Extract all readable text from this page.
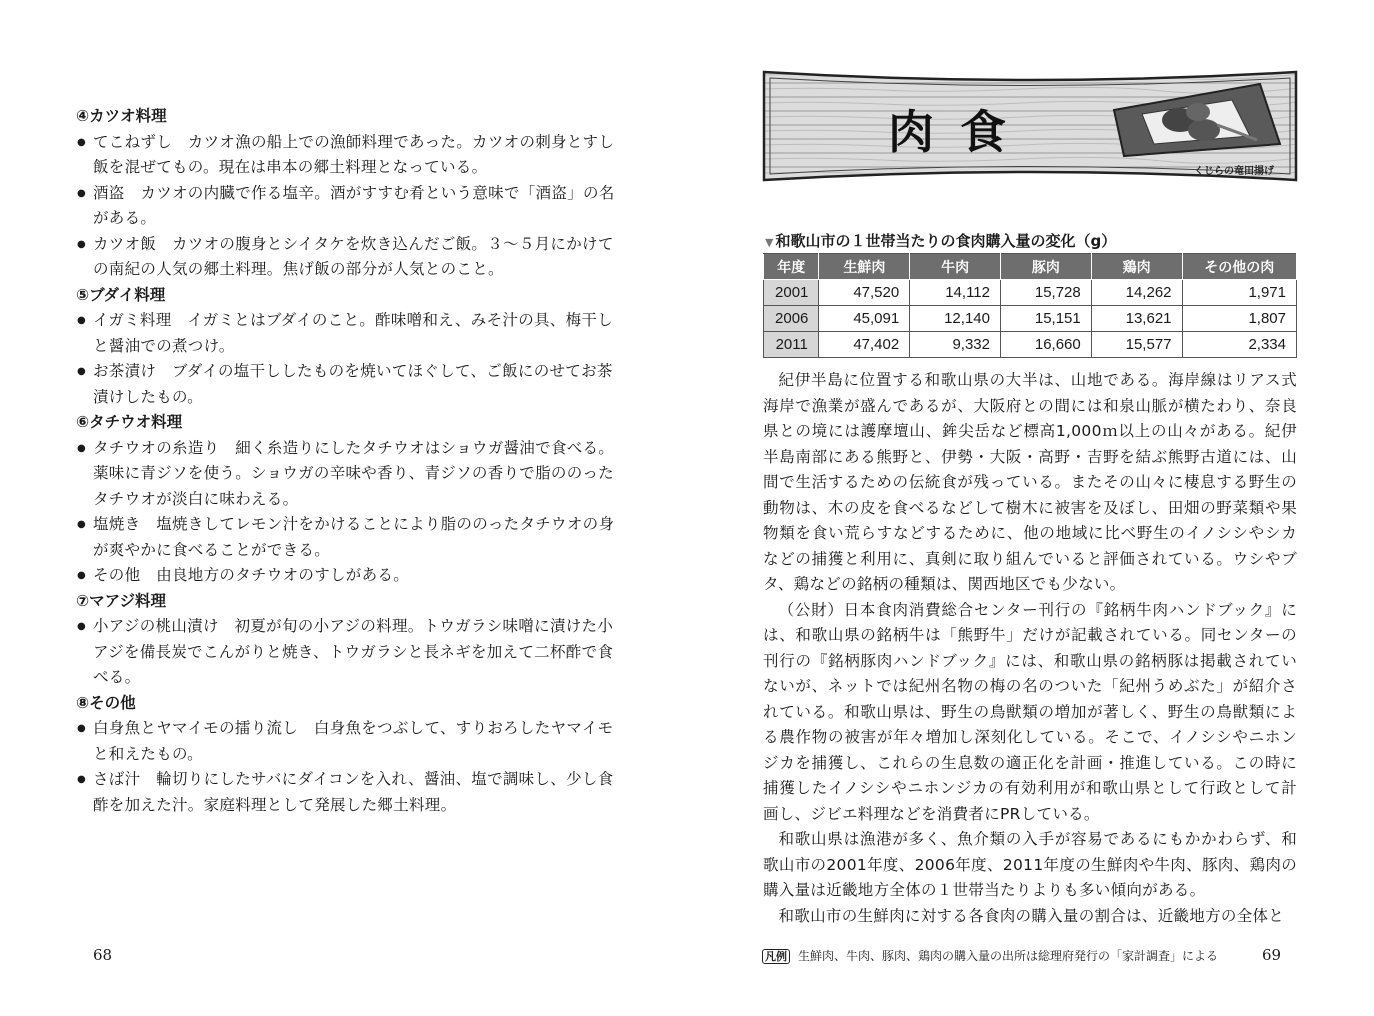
④カツオ料理
● てこねずし　カツオ漁の船上での漁師料理であった。カツオの刺身とすし飯を混ぜてもの。現在は串本の郷土料理となっている。
● 酒盗　カツオの内臓で作る塩辛。酒がすすむ肴という意味で「酒盗」の名がある。
● カツオ飯　カツオの腹身とシイタケを炊き込んだご飯。３～５月にかけての南紀の人気の郷土料理。焦げ飯の部分が人気とのこと。
⑤ブダイ料理
● イガミ料理　イガミとはブダイのこと。酢味噌和え、みそ汁の具、梅干しと醤油での煮つけ。
● お茶漬け　ブダイの塩干ししたものを焼いてほぐして、ご飯にのせてお茶漬けしたもの。
⑥タチウオ料理
● タチウオの糸造り　細く糸造りにしたタチウオはショウガ醤油で食べる。薬味に青ジソを使う。ショウガの辛味や香り、青ジソの香りで脂ののったタチウオが淡白に味わえる。
● 塩焼き　塩焼きしてレモン汁をかけることにより脂ののったタチウオの身が爽やかに食べることができる。
● その他　由良地方のタチウオのすしがある。
⑦マアジ料理
● 小アジの桃山漬け　初夏が旬の小アジの料理。トウガラシ味噌に漬けた小アジを備長炭でこんがりと焼き、トウガラシと長ネギを加えて二杯酢で食べる。
⑧その他
● 白身魚とヤマイモの擂り流し　白身魚をつぶして、すりおろしたヤマイモと和えたもの。
● さば汁　輪切りにしたサバにダイコンを入れ、醤油、塩で調味し、少し食酢を加えた汁。家庭料理として発展した郷土料理。
68
肉食
くじらの竜田揚げ
▼ 和歌山市の１世帯当たりの食肉購入量の変化（g）
年度	生鮮肉	牛肉	豚肉	鶏肉	その他の肉
2001	47,520	14,112	15,728	14,262	1,971
2006	45,091	12,140	15,151	13,621	1,807
2011	47,402	9,332	16,660	15,577	2,334

紀伊半島に位置する和歌山県の大半は、山地である。海岸線はリアス式海岸で漁業が盛んであるが、大阪府との間には和泉山脈が横たわり、奈良県との境には護摩壇山、鉾尖岳など標高1,000ｍ以上の山々がある。紀伊半島南部にある熊野と、伊勢・大阪・高野・吉野を結ぶ熊野古道には、山間で生活するための伝統食が残っている。またその山々に棲息する野生の動物は、木の皮を食べるなどして樹木に被害を及ぼし、田畑の野菜類や果物類を食い荒らすなどするために、他の地域に比べ野生のイノシシやシカなどの捕獲と利用に、真剣に取り組んでいると評価されている。ウシやブタ、鶏などの銘柄の種類は、関西地区でも少ない。

（公財）日本食肉消費総合センター刊行の『銘柄牛肉ハンドブック』には、和歌山県の銘柄牛は「熊野牛」だけが記載されている。同センターの刊行の『銘柄豚肉ハンドブック』には、和歌山県の銘柄豚は掲載されていないが、ネットでは紀州名物の梅の名のついた「紀州うめぶた」が紹介されている。和歌山県は、野生の鳥獣類の増加が著しく、野生の鳥獣類による農作物の被害が年々増加し深刻化している。そこで、イノシシやニホンジカを捕獲し、これらの生息数の適正化を計画・推進している。この時に捕獲したイノシシやニホンジカの有効利用が和歌山県として行政として計画し、ジビエ料理などを消費者にPRしている。

和歌山県は漁港が多く、魚介類の入手が容易であるにもかかわらず、和歌山市の2001年度、2006年度、2011年度の生鮮肉や牛肉、豚肉、鶏肉の購入量は近畿地方全体の１世帯当たりよりも多い傾向がある。

和歌山市の生鮮肉に対する各食肉の購入量の割合は、近畿地方の全体と

凡例 生鮮肉、牛肉、豚肉、鶏肉の購入量の出所は総理府発行の「家計調査」による	69
